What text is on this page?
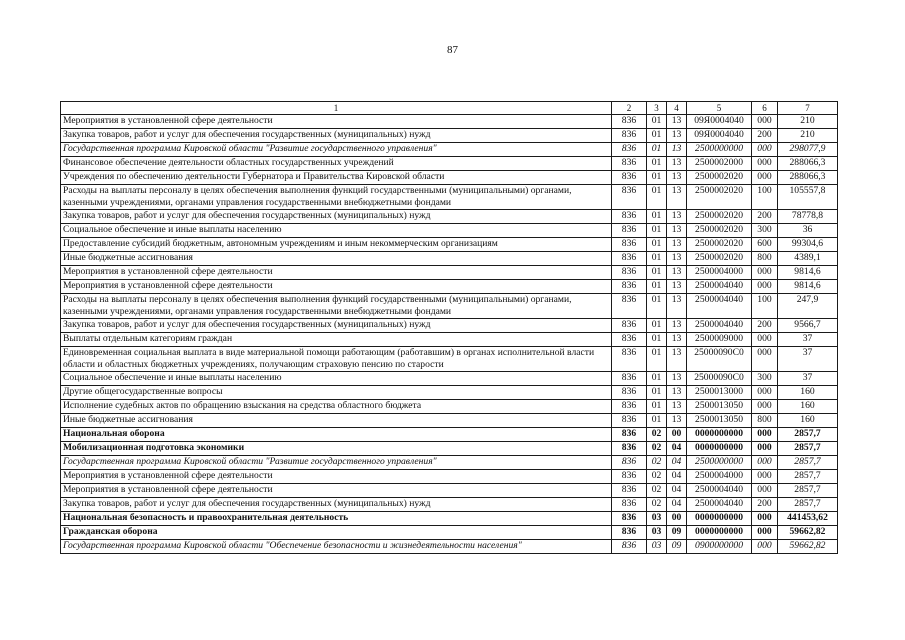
87
1	2	3	4	5	6	7
Мероприятия в установленной сфере деятельности	836	01	13	09Я0004040	000	210
Закупка товаров, работ и услуг для обеспечения государственных (муниципальных) нужд	836	01	13	09Я0004040	200	210
Государственная программа Кировской области "Развитие государственного управления"	836	01	13	2500000000	000	298077,9
Финансовое обеспечение деятельности областных государственных учреждений	836	01	13	2500002000	000	288066,3
Учреждения по обеспечению деятельности Губернатора и Правительства Кировской области	836	01	13	2500002020	000	288066,3
Расходы на выплаты персоналу в целях обеспечения выполнения функций государственными (муниципальными) органами, казенными учреждениями, органами управления государственными внебюджетными фондами	836	01	13	2500002020	100	105557,8
Закупка товаров, работ и услуг для обеспечения государственных (муниципальных) нужд	836	01	13	2500002020	200	78778,8
Социальное обеспечение и иные выплаты населению	836	01	13	2500002020	300	36
Предоставление субсидий бюджетным, автономным учреждениям и иным некоммерческим организациям	836	01	13	2500002020	600	99304,6
Иные бюджетные ассигнования	836	01	13	2500002020	800	4389,1
Мероприятия в установленной сфере деятельности	836	01	13	2500004000	000	9814,6
Мероприятия в установленной сфере деятельности	836	01	13	2500004040	000	9814,6
Расходы на выплаты персоналу в целях обеспечения выполнения функций государственными (муниципальными) органами, казенными учреждениями, органами управления государственными внебюджетными фондами	836	01	13	2500004040	100	247,9
Закупка товаров, работ и услуг для обеспечения государственных (муниципальных) нужд	836	01	13	2500004040	200	9566,7
Выплаты отдельным категориям граждан	836	01	13	2500009000	000	37
Единовременная социальная выплата в виде материальной помощи работающим (работавшим) в органах исполнительной власти области и областных бюджетных учреждениях, получающим страховую пенсию по старости	836	01	13	25000090С0	000	37
Социальное обеспечение и иные выплаты населению	836	01	13	25000090С0	300	37
Другие общегосударственные вопросы	836	01	13	2500013000	000	160
Исполнение судебных актов по обращению взыскания на средства областного бюджета	836	01	13	2500013050	000	160
Иные бюджетные ассигнования	836	01	13	2500013050	800	160
Национальная оборона	836	02	00	0000000000	000	2857,7
Мобилизационная подготовка экономики	836	02	04	0000000000	000	2857,7
Государственная программа Кировской области "Развитие государственного управления"	836	02	04	2500000000	000	2857,7
Мероприятия в установленной сфере деятельности	836	02	04	2500004000	000	2857,7
Мероприятия в установленной сфере деятельности	836	02	04	2500004040	000	2857,7
Закупка товаров, работ и услуг для обеспечения государственных (муниципальных) нужд	836	02	04	2500004040	200	2857,7
Национальная безопасность и правоохранительная деятельность	836	03	00	0000000000	000	441453,62
Гражданская оборона	836	03	09	0000000000	000	59662,82
Государственная программа Кировской области "Обеспечение безопасности и жизнедеятельности населения"	836	03	09	0900000000	000	59662,82
